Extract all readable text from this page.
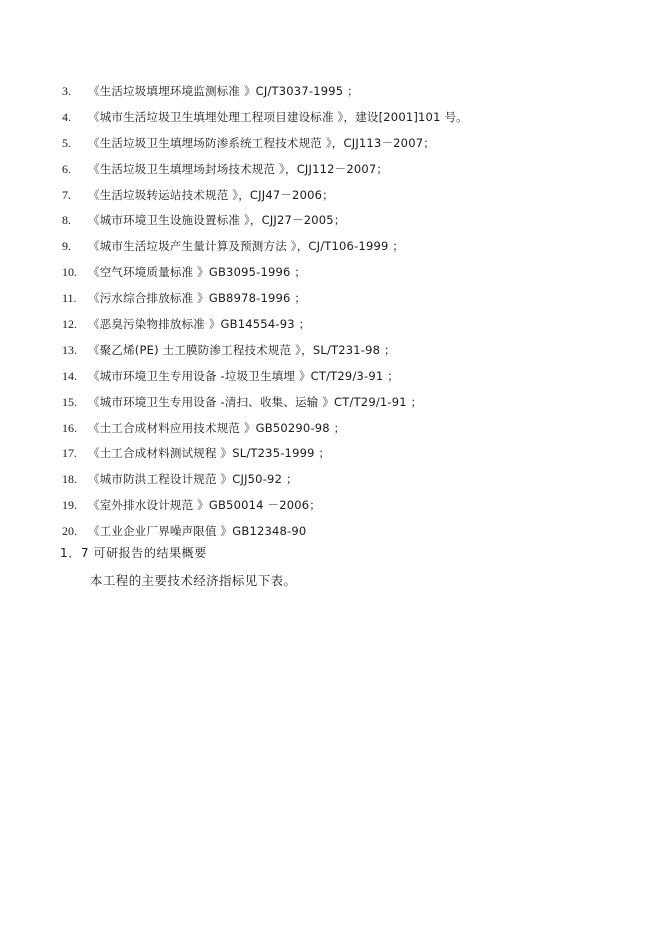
3.	《生活垃圾填埋环境监测标准 》CJ/T3037-1995 ；
4.	《城市生活垃圾卫生填埋处理工程项目建设标准 》，建设[2001]101 号。
5.	《生活垃圾卫生填埋场防渗系统工程技术规范 》，CJJ113－2007；
6.	《生活垃圾卫生填埋场封场技术规范 》，CJJ112－2007；
7.	《生活垃圾转运站技术规范 》，CJJ47－2006；
8.	《城市环境卫生设施设置标准 》，CJJ27－2005；
9.	《城市生活垃圾产生量计算及预测方法 》，CJ/T106-1999 ；
10. 《空气环境质量标准 》GB3095-1996 ；
11. 《污水综合排放标准 》GB8978-1996 ；
12. 《恶臭污染物排放标准 》GB14554-93 ；
13. 《聚乙烯(PE) 土工膜防渗工程技术规范 》，SL/T231-98 ；
14. 《城市环境卫生专用设备 -垃圾卫生填埋 》CT/T29/3-91 ；
15. 《城市环境卫生专用设备 -清扫、收集、运输 》CT/T29/1-91 ；
16. 《土工合成材料应用技术规范 》GB50290-98 ；
17. 《土工合成材料测试规程 》SL/T235-1999 ；
18. 《城市防洪工程设计规范 》CJJ50-92 ；
19. 《室外排水设计规范 》GB50014 －2006；
20. 《工业企业厂界噪声限值 》GB12348-90
1．7 可研报告的结果概要
本工程的主要技术经济指标见下表。
